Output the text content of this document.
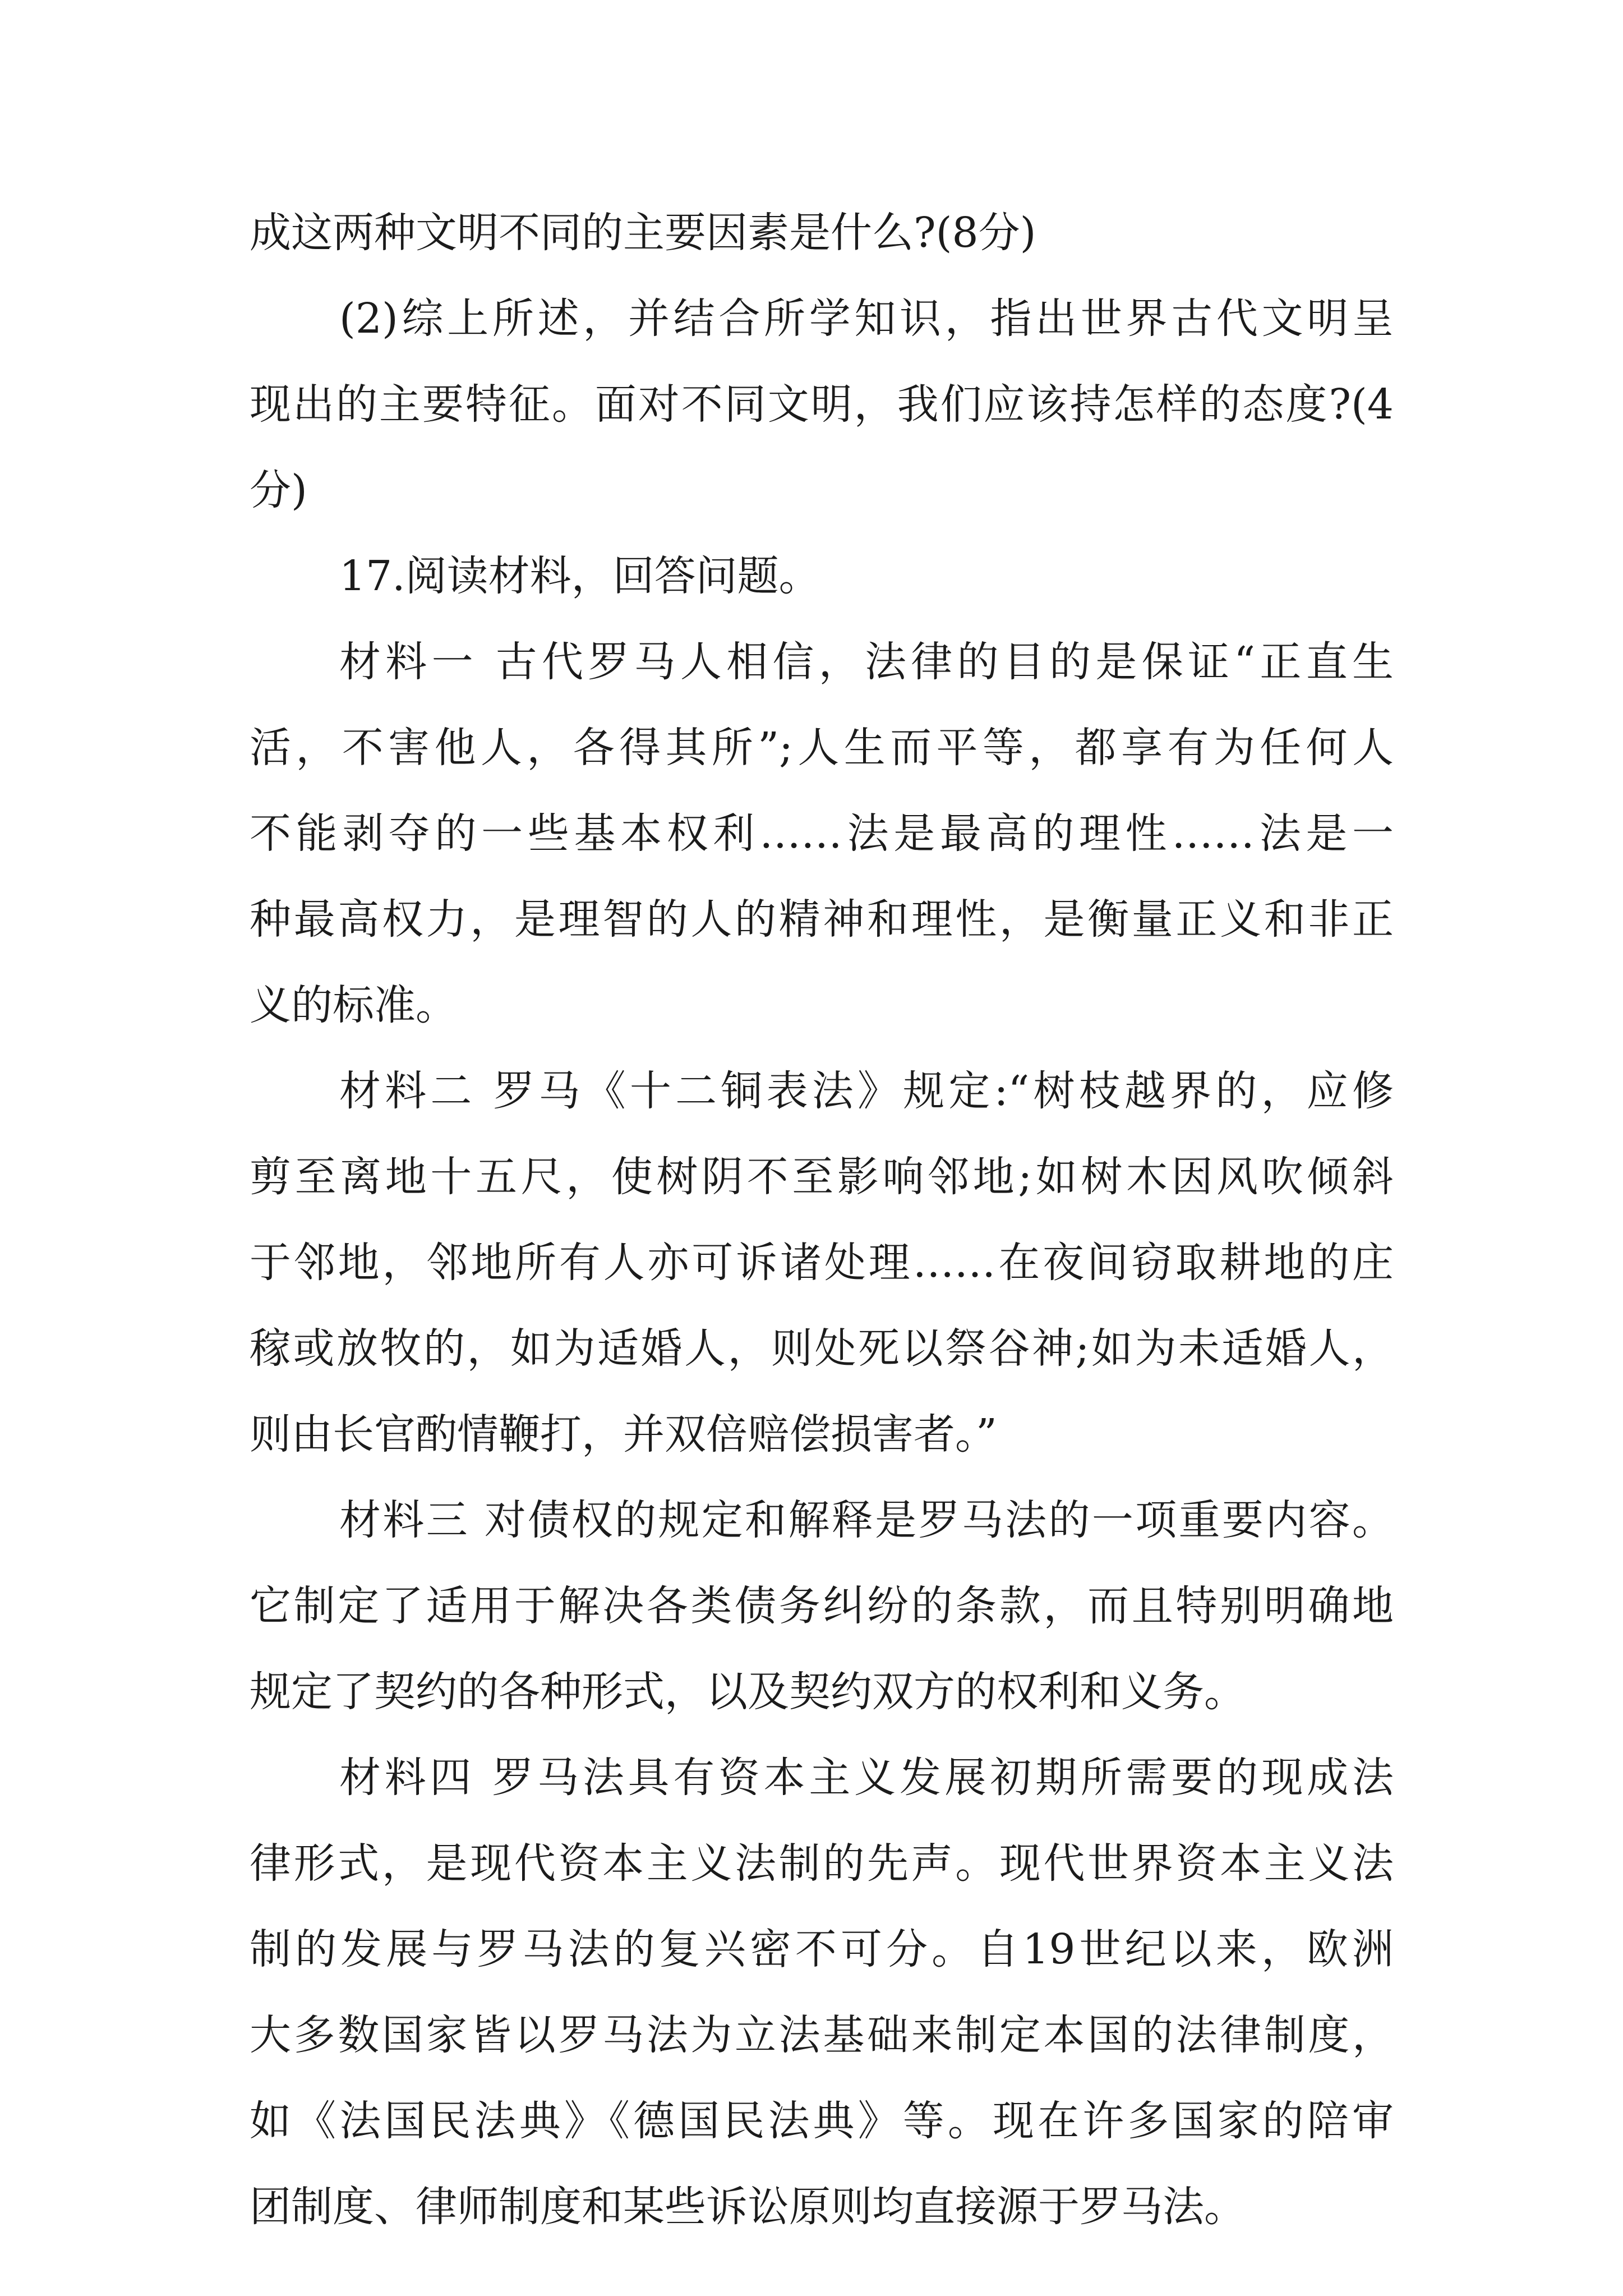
成这两种文明不同的主要因素是什么?(8分)
(2)综上所述，并结合所学知识，指出世界古代文明呈
现出的主要特征。面对不同文明，我们应该持怎样的态度?(4
分)
17.阅读材料，回答问题。
材料一 古代罗马人相信，法律的目的是保证“正直生
活，不害他人，各得其所”;人生而平等，都享有为任何人
不能剥夺的一些基本权利……法是最高的理性……法是一
种最高权力，是理智的人的精神和理性，是衡量正义和非正
义的标准。
材料二 罗马《十二铜表法》规定:“树枝越界的，应修
剪至离地十五尺，使树阴不至影响邻地;如树木因风吹倾斜
于邻地，邻地所有人亦可诉诸处理……在夜间窃取耕地的庄
稼或放牧的，如为适婚人，则处死以祭谷神;如为未适婚人，
则由长官酌情鞭打，并双倍赔偿损害者。”
材料三 对债权的规定和解释是罗马法的一项重要内容。
它制定了适用于解决各类债务纠纷的条款，而且特别明确地
规定了契约的各种形式，以及契约双方的权利和义务。
材料四 罗马法具有资本主义发展初期所需要的现成法
律形式，是现代资本主义法制的先声。现代世界资本主义法
制的发展与罗马法的复兴密不可分。自19世纪以来，欧洲
大多数国家皆以罗马法为立法基础来制定本国的法律制度，
如《法国民法典》《德国民法典》等。现在许多国家的陪审
团制度、律师制度和某些诉讼原则均直接源于罗马法。
